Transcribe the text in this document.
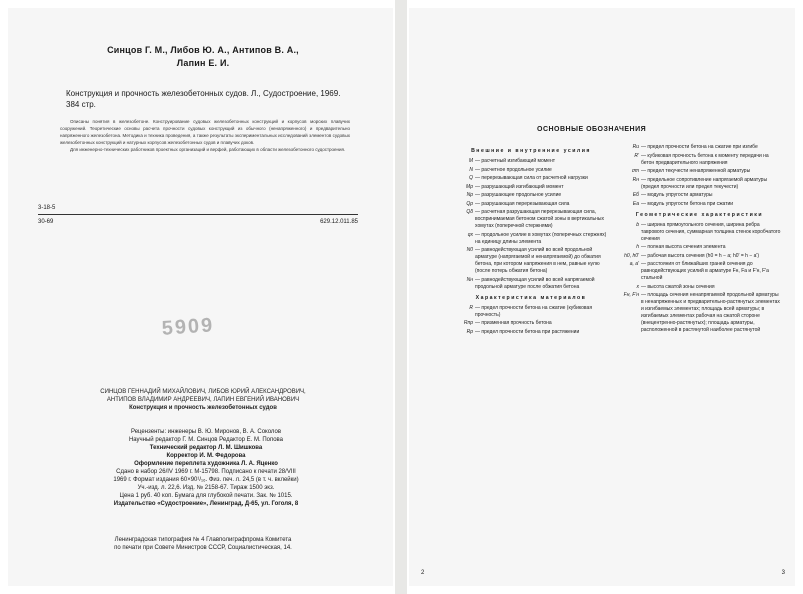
Синцов Г. М., Либов Ю. А., Антипов В. А.,
Лапин Е. И.
Конструкция и прочность железобетонных судов. Л., Судостроение, 1969. 384 стр.

Описаны понятия в железобетоне. Конструирование судовых железобетонных конструкций и корпусов морских плавучих сооружений. Теоретические основы расчета прочности судовых конструкций из обычного (ненапряженного) и предварительно напряженного железобетона. Методика и техника проведения, а также результаты экспериментальных исследований элементов судовых железобетонных конструкций и натурных корпусов железобетонных судов и плавучих доков.

Для инженерно-технических работников проектных организаций и верфей, работающих в области железобетонного судостроения.

3-18-5
30-69	629.12.011.85
5909
СИНЦОВ ГЕННАДИЙ МИХАЙЛОВИЧ, ЛИБОВ ЮРИЙ АЛЕКСАНДРОВИЧ,
АНТИПОВ ВЛАДИМИР АНДРЕЕВИЧ, ЛАПИН ЕВГЕНИЙ ИВАНОВИЧ
Конструкция и прочность железобетонных судов
Рецензенты: инженеры В. Ю. Миронов, В. А. Соколов
Научный редактор Г. М. Синцов Редактор Е. М. Попова
Технический редактор Л. М. Шишкова
Корректор И. М. Федорова
Оформление переплета художника Л. А. Яценко
Сдано в набор 26/IV 1969 г. М-15798. Подписано к печати 28/VIII
1969 г. Формат издания 60×90¹/₁₆. Физ. печ. л. 24,5 (в т. ч. вклейки)
Уч.-изд. л. 22,6. Изд. № 2158-67. Тираж 1500 экз.
Цена 1 руб. 40 коп. Бумага для глубокой печати. Зак. № 1015.
Издательство «Судостроение», Ленинград, Д-65, ул. Гоголя, 8
Ленинградская типография № 4 Главполиграфпрома Комитета
по печати при Совете Министров СССР, Социалистическая, 14.
ОСНОВНЫЕ ОБОЗНАЧЕНИЯ
Внешние и внутренние усилия
M — расчетный изгибающий момент
N — расчетное продольное усилие
Q — перерезывающая сила от расчетной нагрузки
Mр — разрушающий изгибающий момент
Nр — разрушающее продольное усилие
Qр — разрушающая перерезывающая сила
Qδ — расчетная разрушающая перерезывающая сила, воспринимаемая бетоном сжатой зоны в вертикальных хомутах (поперечной стержнями)
qx — продольное усилие в хомутах (поперечных стержнях) на единицу длины элемента
N0 — равнодействующая усилий во всей продольной арматуре (напрягаемой и ненапрягаемой) до обжатия бетона, при котором напряжения в нем, равные нулю (после потерь обжатия бетона)
Nн — равнодействующая усилий во всей напрягаемой продольной арматуре после обжатия бетона
Характеристика материалов
R — предел прочности бетона на сжатие (кубиковая прочность)
Rпр — призменная прочность бетона
Rр — предел прочности бетона при растяжении
Rи — предел прочности бетона на сжатие при изгибе
R' — кубиковая прочность бетона к моменту передачи на бетон предварительного напряжения
σт — предел текучести ненапряженной арматуры
Rн — предельное сопротивление напрягаемой арматуры (предел прочности или предел текучести)
Eб — модуль упругости арматуры
Eа — модуль упругости бетона при сжатии
Геометрические характеристики
b — ширина прямоугольного сечения, ширина ребра таврового сечения, суммарная толщина стенок коробчатого сечения
h — полная высота сечения элемента
h0, h0' — рабочая высота сечения (h0 = h − a; h0' = h − a')
a, a' — расстояния от ближайших граней сечения до равнодействующих усилий в арматуре Fн, Fа и F'н, F'а стальной
x — высота сжатой зоны сечения
Fн, F'н — площадь сечения ненапрягаемой продольной арматуры в ненапряженных и предварительно-растянутых элементах и изгибаемых элементах; площадь всей арматуры; в изгибаемых элементах рабочая на сжатой стороне (внецентренно-растянутых); площадь арматуры, расположенной в растянутой наиболее растянутой
2	3
